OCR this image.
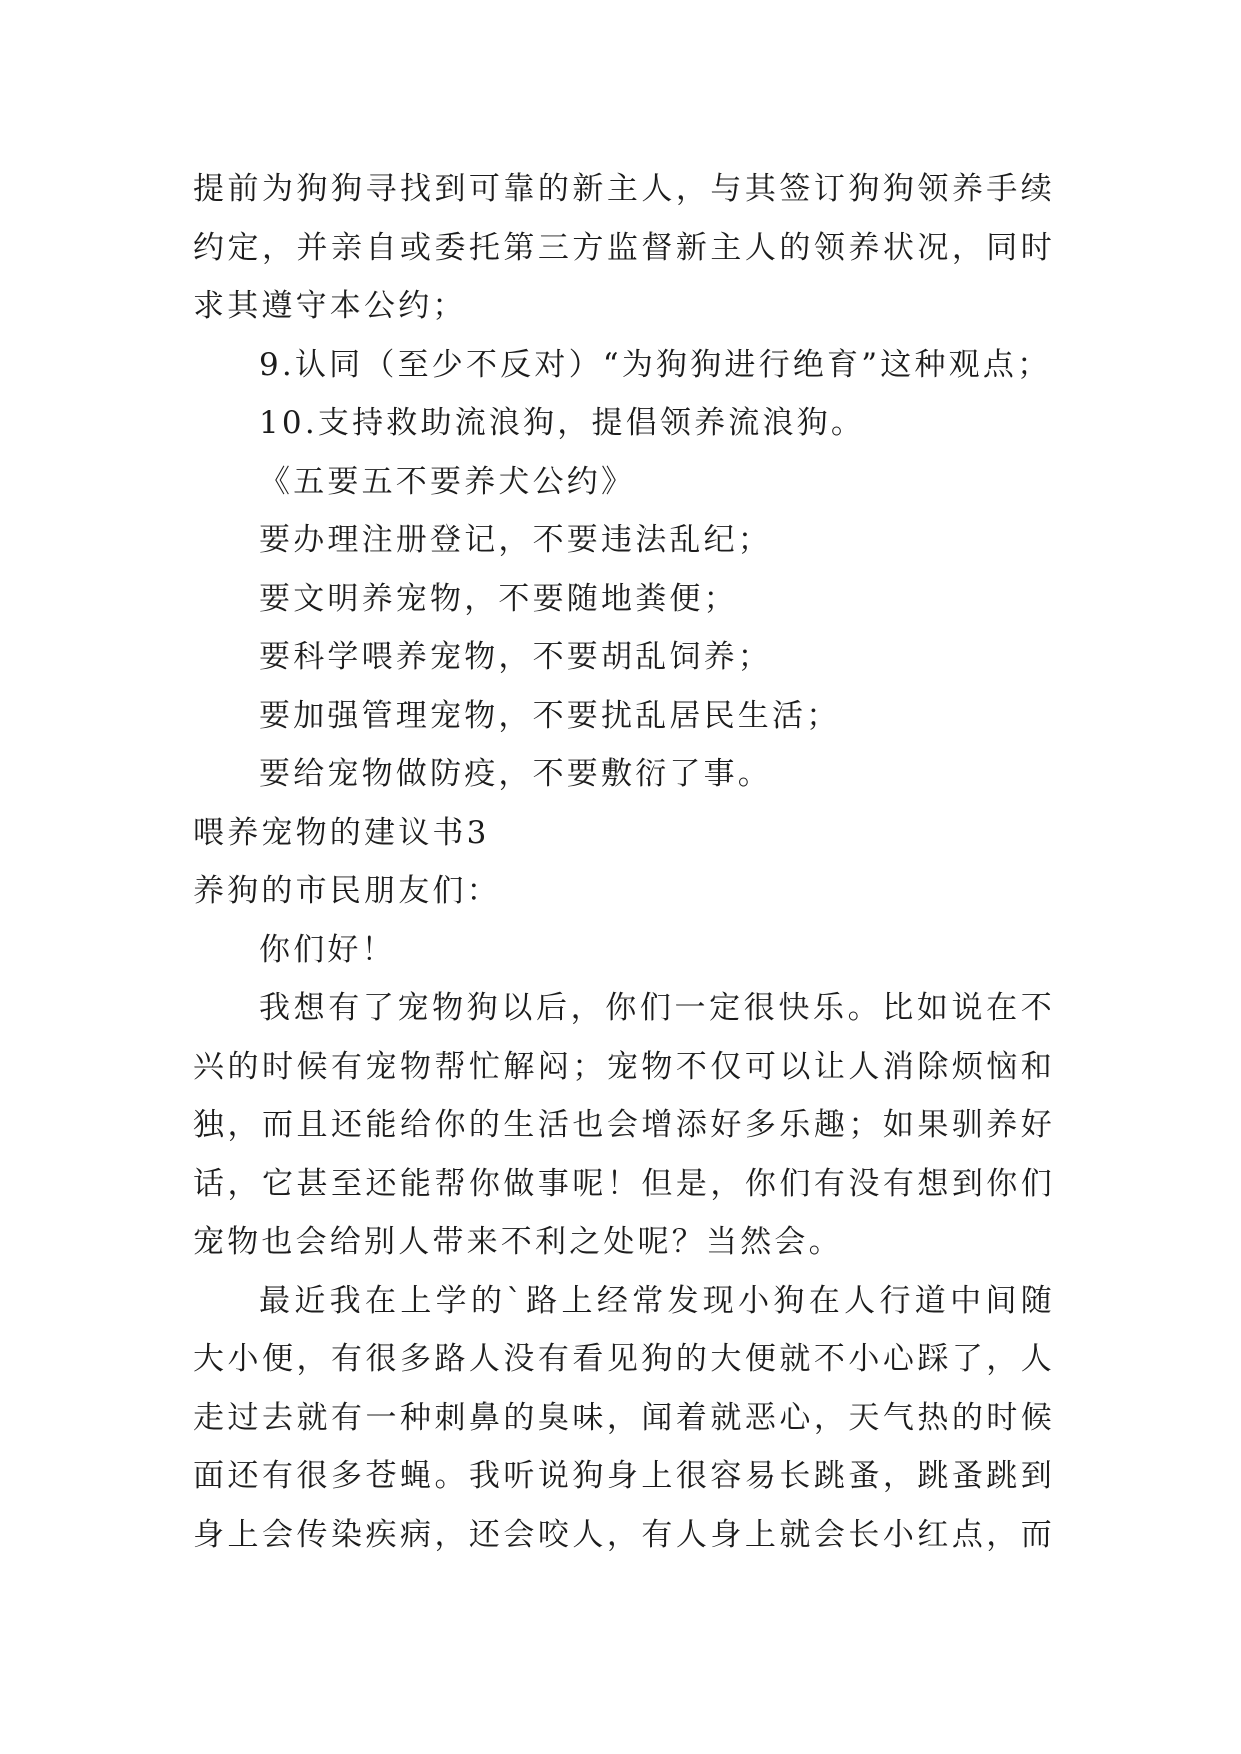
提前为狗狗寻找到可靠的新主人，与其签订狗狗领养手续
约定，并亲自或委托第三方监督新主人的领养状况，同时
求其遵守本公约；
9.认同（至少不反对）“为狗狗进行绝育”这种观点；
10.支持救助流浪狗，提倡领养流浪狗。
《五要五不要养犬公约》
要办理注册登记，不要违法乱纪；
要文明养宠物，不要随地粪便；
要科学喂养宠物，不要胡乱饲养；
要加强管理宠物，不要扰乱居民生活；
要给宠物做防疫，不要敷衍了事。
喂养宠物的建议书3
养狗的市民朋友们：
你们好！
我想有了宠物狗以后，你们一定很快乐。比如说在不
兴的时候有宠物帮忙解闷；宠物不仅可以让人消除烦恼和
独，而且还能给你的生活也会增添好多乐趣；如果驯养好
话，它甚至还能帮你做事呢！但是，你们有没有想到你们
宠物也会给别人带来不利之处呢？当然会。
最近我在上学的`路上经常发现小狗在人行道中间随
大小便，有很多路人没有看见狗的大便就不小心踩了，人
走过去就有一种刺鼻的臭味，闻着就恶心，天气热的时候
面还有很多苍蝇。我听说狗身上很容易长跳蚤，跳蚤跳到
身上会传染疾病，还会咬人，有人身上就会长小红点，而
